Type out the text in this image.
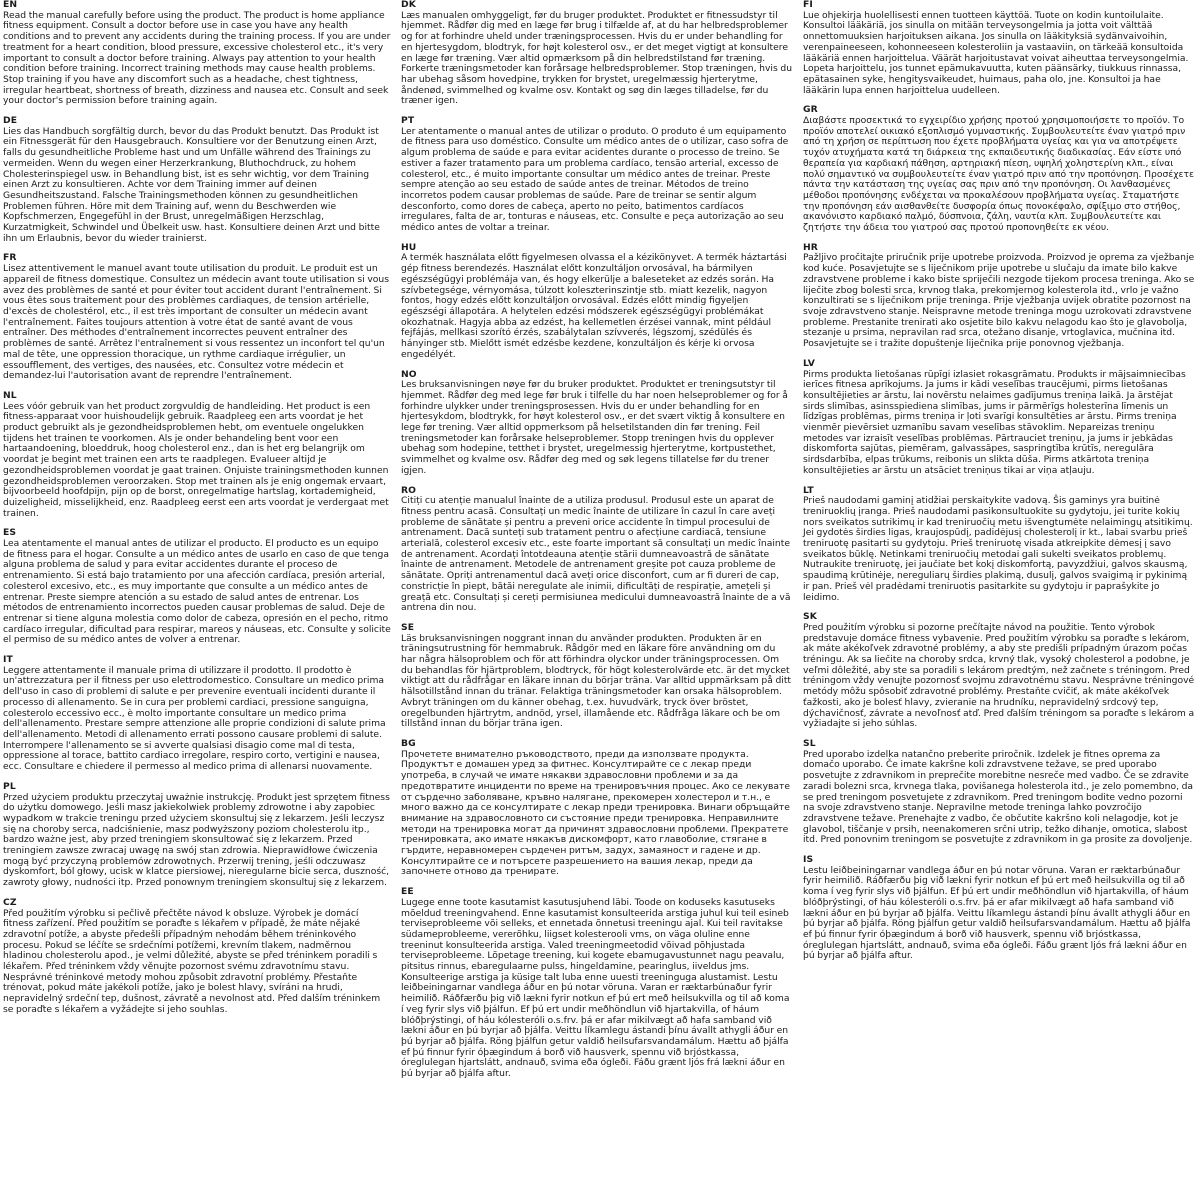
EN

Read the manual carefully before using the product. The product is home appliance fitness equipment. Consult a doctor before use in case you have any health conditions and to prevent any accidents during the training process. If you are under treatment for a heart condition, blood pressure, excessive cholesterol etc., it's very important to consult a doctor before training. Always pay attention to your health condition before training. Incorrect training methods may cause health problems. Stop training if you have any discomfort such as a headache, chest tightness, irregular heartbeat, shortness of breath, dizziness and nausea etc. Consult and seek your doctor's permission before training again.

DE

Lies das Handbuch sorgfältig durch, bevor du das Produkt benutzt. Das Produkt ist ein Fitnessgerät für den Hausgebrauch. Konsultiere vor der Benutzung einen Arzt, falls du gesundheitliche Probleme hast und um Unfälle während des Trainings zu vermeiden. Wenn du wegen einer Herzerkrankung, Bluthochdruck, zu hohem Cholesterinspiegel usw. in Behandlung bist, ist es sehr wichtig, vor dem Training einen Arzt zu konsultieren. Achte vor dem Training immer auf deinen Gesundheitszustand. Falsche Trainingsmethoden können zu gesundheitlichen Problemen führen. Höre mit dem Training auf, wenn du Beschwerden wie Kopfschmerzen, Engegefühl in der Brust, unregelmäßigen Herzschlag, Kurzatmigkeit, Schwindel und Übelkeit usw. hast. Konsultiere deinen Arzt und bitte ihn um Erlaubnis, bevor du wieder trainierst.

FR

Lisez attentivement le manuel avant toute utilisation du produit. Le produit est un appareil de fitness domestique. Consultez un médecin avant toute utilisation si vous avez des problèmes de santé et pour éviter tout accident durant l'entraînement. Si vous êtes sous traitement pour des problèmes cardiaques, de tension artérielle, d'excès de cholestérol, etc., il est très important de consulter un médecin avant l'entraînement. Faites toujours attention à votre état de santé avant de vous entraîner. Des méthodes d'entraînement incorrectes peuvent entraîner des problèmes de santé. Arrêtez l'entraînement si vous ressentez un inconfort tel qu'un mal de tête, une oppression thoracique, un rythme cardiaque irrégulier, un essoufflement, des vertiges, des nausées, etc. Consultez votre médecin et demandez-lui l'autorisation avant de reprendre l'entraînement.

NL

Lees vóór gebruik van het product zorgvuldig de handleiding. Het product is een fitness-apparaat voor huishoudelijk gebruik. Raadpleeg een arts voordat je het product gebruikt als je gezondheidsproblemen hebt, om eventuele ongelukken tijdens het trainen te voorkomen. Als je onder behandeling bent voor een hartaandoening, bloeddruk, hoog cholesterol enz., dan is het erg belangrijk om voordat je begint met trainen een arts te raadplegen. Evalueer altijd je gezondheidsproblemen voordat je gaat trainen. Onjuiste trainingsmethoden kunnen gezondheidsproblemen veroorzaken. Stop met trainen als je enig ongemak ervaart, bijvoorbeeld hoofdpijn, pijn op de borst, onregelmatige hartslag, kortademigheid, duizeligheid, misselijkheid, enz. Raadpleeg eerst een arts voordat je verdergaat met trainen.

ES

Lea atentamente el manual antes de utilizar el producto. El producto es un equipo de fitness para el hogar. Consulte a un médico antes de usarlo en caso de que tenga alguna problema de salud y para evitar accidentes durante el proceso de entrenamiento. Si está bajo tratamiento por una afección cardíaca, presión arterial, colesterol excesivo, etc., es muy importante que consulte a un médico antes de entrenar. Preste siempre atención a su estado de salud antes de entrenar. Los métodos de entrenamiento incorrectos pueden causar problemas de salud. Deje de entrenar si tiene alguna molestia como dolor de cabeza, opresión en el pecho, ritmo cardíaco irregular, dificultad para respirar, mareos y náuseas, etc. Consulte y solicite el permiso de su médico antes de volver a entrenar.

IT

Leggere attentamente il manuale prima di utilizzare il prodotto. Il prodotto è un'attrezzatura per il fitness per uso elettrodomestico. Consultare un medico prima dell'uso in caso di problemi di salute e per prevenire eventuali incidenti durante il processo di allenamento. Se in cura per problemi cardiaci, pressione sanguigna, colesterolo eccessivo ecc., è molto importante consultare un medico prima dell'allenamento. Prestare sempre attenzione alle proprie condizioni di salute prima dell'allenamento. Metodi di allenamento errati possono causare problemi di salute. Interrompere l'allenamento se si avverte qualsiasi disagio come mal di testa, oppressione al torace, battito cardiaco irregolare, respiro corto, vertigini e nausea, ecc. Consultare e chiedere il permesso al medico prima di allenarsi nuovamente.

PL

Przed użyciem produktu przeczytaj uważnie instrukcję. Produkt jest sprzętem fitness do użytku domowego. Jeśli masz jakiekolwiek problemy zdrowotne i aby zapobiec wypadkom w trakcie treningu przed użyciem skonsultuj się z lekarzem. Jeśli leczysz się na choroby serca, nadciśnienie, masz podwyższony poziom cholesterolu itp., bardzo ważne jest, aby przed treningiem skonsultować się z lekarzem. Przed treningiem zawsze zwracaj uwagę na swój stan zdrowia. Nieprawidłowe ćwiczenia mogą być przyczyną problemów zdrowotnych. Przerwij trening, jeśli odczuwasz dyskomfort, ból głowy, ucisk w klatce piersiowej, nieregularne bicie serca, duszność, zawroty głowy, nudności itp. Przed ponownym treningiem skonsultuj się z lekarzem.

CZ

Před použitím výrobku si pečlivě přečtěte návod k obsluze. Výrobek je domácí fitness zařízení. Před použitím se poraďte s lékařem v případě, že máte nějaké zdravotní potíže, a abyste předešli případným nehodám během tréninkového procesu. Pokud se léčíte se srdečními potížemi, krevním tlakem, nadměrnou hladinou cholesterolu apod., je velmi důležité, abyste se před tréninkem poradili s lékařem. Před tréninkem vždy věnujte pozornost svému zdravotnímu stavu. Nesprávné tréninkové metody mohou způsobit zdravotní problémy. Přestaňte trénovat, pokud máte jakékoli potíže, jako je bolest hlavy, svíráni na hrudi, nepravidelný srdeční tep, dušnost, závratě a nevolnost atd. Před dalším tréninkem se poraďte s lékařem a vyžádejte si jeho souhlas.

DK

Læs manualen omhyggeligt, før du bruger produktet. Produktet er fitnessudstyr til hjemmet. Rådfør dig med en læge før brug i tilfælde af, at du har helbredsproblemer og for at forhindre uheld under træningsprocessen. Hvis du er under behandling for en hjertesygdom, blodtryk, for højt kolesterol osv., er det meget vigtigt at konsultere en læge før træning. Vær altid opmærksom på din helbredstilstand før træning. Forkerte træningsmetoder kan forårsage helbredsproblemer. Stop træningen, hvis du har ubehag såsom hovedpine, trykken for brystet, uregelmæssig hjerterytme, åndenød, svimmelhed og kvalme osv. Kontakt og søg din læges tilladelse, før du træner igen.

PT

Ler atentamente o manual antes de utilizar o produto. O produto é um equipamento de fitness para uso doméstico. Consulte um médico antes de o utilizar, caso sofra de algum problema de saúde e para evitar acidentes durante o processo de treino. Se estiver a fazer tratamento para um problema cardíaco, tensão arterial, excesso de colesterol, etc., é muito importante consultar um médico antes de treinar. Preste sempre atenção ao seu estado de saúde antes de treinar. Métodos de treino incorretos podem causar problemas de saúde. Pare de treinar se sentir algum desconforto, como dores de cabeça, aperto no peito, batimentos cardíacos irregulares, falta de ar, tonturas e náuseas, etc. Consulte e peça autorização ao seu médico antes de voltar a treinar.

HU

A termék használata előtt figyelmesen olvassa el a kézikönyvet. A termék háztartási gép fitness berendezés. Használat előtt konzultáljon orvosával, ha bármilyen egészségügyi problémája van, és hogy elkerülje a baleseteket az edzés során. Ha szívbetegsége, vérnyomása, túlzott koleszterinszintje stb. miatt kezelik, nagyon fontos, hogy edzés előtt konzultáljon orvosával. Edzés előtt mindig figyeljen egészségi állapotára. A helytelen edzési módszerek egészségügyi problémákat okozhatnak. Hagyja abba az edzést, ha kellemetlen érzései vannak, mint például fejfájás, mellkasi szorító érzés, szabálytalan szívverés, légszomj, szédülés és hányinger stb. Mielőtt ismét edzésbe kezdene, konzultáljon és kérje ki orvosa engedélyét.

NO

Les bruksanvisningen nøye før du bruker produktet. Produktet er treningsutstyr til hjemmet. Rådfør deg med lege før bruk i tilfelle du har noen helseproblemer og for å forhindre ulykker under treningsprosessen. Hvis du er under behandling for en hjertesykdom, blodtrykk, for høyt kolesterol osv., er det svært viktig å konsultere en lege før trening. Vær alltid oppmerksom på helsetilstanden din før trening. Feil treningsmetoder kan forårsake helseproblemer. Stopp treningen hvis du opplever ubehag som hodepine, tetthet i brystet, uregelmessig hjerterytme, kortpustethet, svimmelhet og kvalme osv. Rådfør deg med og søk legens tillatelse før du trener igjen.

RO

Citiți cu atenție manualul înainte de a utiliza produsul. Produsul este un aparat de fitness pentru acasă. Consultați un medic înainte de utilizare în cazul în care aveți probleme de sănătate și pentru a preveni orice accidente în timpul procesului de antrenament. Dacă sunteți sub tratament pentru o afecțiune cardiacă, tensiune arterială, colesterol excesiv etc., este foarte important să consultați un medic înainte de antrenament. Acordați întotdeauna atenție stării dumneavoastră de sănătate înainte de antrenament. Metodele de antrenament greșite pot cauza probleme de sănătate. Opriți antrenamentul dacă aveți orice disconfort, cum ar fi dureri de cap, constricție în piept, bătăi neregulate ale inimii, dificultăți de respirație, amețeli și greață etc. Consultați și cereți permisiunea medicului dumneavoastră înainte de a vă antrena din nou.

SE

Läs bruksanvisningen noggrant innan du använder produkten. Produkten är en träningsutrustning för hemmabruk. Rådgör med en läkare före användning om du har några hälsoproblem och för att förhindra olyckor under träningsprocessen. Om du behandlas för hjärtproblem, blodtryck, för högt kolesterolvärde etc. är det mycket viktigt att du rådfrågar en läkare innan du börjar träna. Var alltid uppmärksam på ditt hälsotillstånd innan du tränar. Felaktiga träningsmetoder kan orsaka hälsoproblem. Avbryt träningen om du känner obehag, t.ex. huvudvärk, tryck över bröstet, oregelbunden hjärtrytm, andnöd, yrsel, illamående etc. Rådfråga läkare och be om tillstånd innan du börjar träna igen.

BG

Прочетете внимателно ръководството, преди да използвате продукта. Продуктът е домашен уред за фитнес. Консултирайте се с лекар преди употреба, в случай че имате някакви здравословни проблеми и за да предотвратите инциденти по време на тренировъчния процес. Ако се лекувате от сърдечно заболяване, кръвно налягане, прекомерен холестерол и т.н., е много важно да се консултирате с лекар преди тренировка. Винаги обръщайте внимание на здравословното си състояние преди тренировка. Неправилните методи на тренировка могат да причинят здравословни проблеми. Прекратете тренировката, ако имате някакъв дискомфорт, като главоболие, стягане в гърдите, неравномерен сърдечен ритъм, задух, замаяност и гадене и др. Консултирайте се и потърсете разрешението на вашия лекар, преди да започнете отново да тренирате.

EE

Lugege enne toote kasutamist kasutusjuhend läbi. Toode on koduseks kasutuseks mõeldud treeningvahend. Enne kasutamist konsulteerida arstiga juhul kui teil esineb terviseprobleeme või selleks, et ennetada õnnetusi treeningu ajal. Kui teil ravitakse südameprobleeme, vererõhku, liigset kolesterooli vms, on väga oluline enne treeninut konsulteerida arstiga. Valed treeningmeetodid võivad põhjustada terviseprobleeme. Lõpetage treening, kui kogete ebamugavustunnet nagu peavalu, pitsitus rinnus, ebaregulaarne pulss, hingeldamine, pearinglus, iiveldus jms. Konsulteerige arstiga ja küsige talt luba enne uuesti treeninguga alustamist. Lestu leiðbeiningarnar vandlega áður en þú notar vöruna. Varan er ræktarbúnaður fyrir heimilið. Ráðfærðu þig við lækni fyrir notkun ef þú ert með heilsukvilla og til að koma í veg fyrir slys við þjálfun. Ef þú ert undir meðhöndlun við hjartakvilla, of háum blóðþrýstingi, of háu kólesteróli o.s.frv. þá er afar mikilvægt að hafa samband við lækni áður en þú byrjar að þjálfa. Veittu líkamlegu ástandi þínu ávallt athygli áður en þú byrjar að þjálfa. Röng þjálfun getur valdið heilsufarsvandamálum. Hættu að þjálfa ef þú finnur fyrir óþægindum á borð við hausverk, spennu við brjóstkassa, óreglulegan hjartslátt, andnauð, svima eða ógleði. Fáðu grænt ljós frá lækni áður en þú byrjar að þjálfa aftur.

FI

Lue ohjekirja huolellisesti ennen tuotteen käyttöä. Tuote on kodin kuntoilulaite. Konsultoi lääkäriä, jos sinulla on mitään terveysongelmia ja jotta voit välttää onnettomuuksien harjoituksen aikana. Jos sinulla on lääkityksiä sydänvaivoihin, verenpaineeseen, kohonneeseen kolesteroliin ja vastaaviin, on tärkeää konsultoida lääkäriä ennen harjoittelua. Väärät harjoitustavat voivat aiheuttaa terveysongelmia. Lopeta harjoittelu, jos tunnet epämukavuutta, kuten päänsärky, tiukkuus rinnassa, epätasainen syke, hengitysvaikeudet, huimaus, paha olo, jne. Konsultoi ja hae lääkärin lupa ennen harjoittelua uudelleen.

GR

Διαβάστε προσεκτικά το εγχειρίδιο χρήσης προτού χρησιμοποιήσετε το προϊόν. Το προϊόν αποτελεί οικιακό εξοπλισμό γυμναστικής. Συμβουλευτείτε έναν γιατρό πριν από τη χρήση σε περίπτωση που έχετε προβλήματα υγείας και για να αποτρέψετε τυχόν ατυχήματα κατά τη διάρκεια της εκπαιδευτικής διαδικασίας. Εάν είστε υπό θεραπεία για καρδιακή πάθηση, αρτηριακή πίεση, υψηλή χοληστερίνη κλπ., είναι πολύ σημαντικό να συμβουλευτείτε έναν γιατρό πριν από την προπόνηση. Προσέχετε πάντα την κατάσταση της υγείας σας πριν από την προπόνηση. Οι λανθασμένες μέθοδοι προπόνησης ενδέχεται να προκαλέσουν προβλήματα υγείας. Σταματήστε την προπόνηση εάν αισθανθείτε δυσφορία όπως πονοκέφαλο, σφίξιμο στο στήθος, ακανόνιστο καρδιακό παλμό, δύσπνοια, ζάλη, ναυτία κλπ. Συμβουλευτείτε και ζητήστε την άδεια του γιατρού σας προτού προπονηθείτε εκ νέου.

HR

Pažljivo pročitajte priručnik prije upotrebe proizvoda. Proizvod je oprema za vježbanje kod kuće. Posavjetujte se s liječnikom prije upotrebe u slučaju da imate bilo kakve zdravstvene probleme i kako biste spriječili nezgode tijekom procesa treninga. Ako se liječite zbog bolesti srca, krvnog tlaka, prekomjernog kolesterola itd., vrlo je važno konzultirati se s liječnikom prije treninga. Prije vježbanja uvijek obratite pozornost na svoje zdravstveno stanje. Neispravne metode treninga mogu uzrokovati zdravstvene probleme. Prestanite trenirati ako osjetite bilo kakvu nelagodu kao što je glavobolja, stezanje u prsima, nepravilan rad srca, otežano disanje, vrtoglavica, mučnina itd. Posavjetujte se i tražite dopuštenje liječnika prije ponovnog vježbanja.

LV

Pirms produkta lietošanas rūpīgi izlasiet rokasgrāmatu. Produkts ir mājsaimniecības ierīces fitnesa aprīkojums. Ja jums ir kādi veselības traucējumi, pirms lietošanas konsultējieties ar ārstu, lai novērstu nelaimes gadījumus treniņa laikā. Ja ārstējat sirds slimības, asinsspiediena slimības, jums ir pārmērīgs holesterīna līmenis un līdzīgas problēmas, pirms treniņa ir ļoti svarīgi konsultēties ar ārstu. Pirms treniņa vienmēr pievērsiet uzmanību savam veselības stāvoklim. Nepareizas treniņu metodes var izraisīt veselības problēmas. Pārtrauciet treniņu, ja jums ir jebkādas diskomforta sajūtas, piemēram, galvassāpes, saspringtība krūtīs, neregulāra sirdsdarbība, elpas trūkums, reibonis un slikta dūša. Pirms atkārtota treniņa konsultējieties ar ārstu un atsāciet treniņus tikai ar viņa atļauju.

LT

Prieš naudodami gaminį atidžiai perskaitykite vadovą. Šis gaminys yra buitinė treniruoklių įranga. Prieš naudodami pasikonsultuokite su gydytoju, jei turite kokių nors sveikatos sutrikimų ir kad treniruočių metu išvengtumėte nelaimingų atsitikimų. Jei gydotės širdies ligas, kraujospūdį, padidėjusį cholesterolį ir kt., labai svarbu prieš treniruotę pasitarti su gydytoju. Prieš treniruotę visada atkreipkite dėmesį į savo sveikatos būklę. Netinkami treniruočių metodai gali sukelti sveikatos problemų. Nutraukite treniruotę, jei jaučiate bet kokį diskomfortą, pavyzdžiui, galvos skausmą, spaudimą krūtinėje, nereguliarų širdies plakimą, dusulį, galvos svaigimą ir pykinimą ir pan. Prieš vėl pradėdami treniruotis pasitarkite su gydytoju ir paprašykite jo leidimo.

SK

Pred použitím výrobku si pozorne prečítajte návod na použitie. Tento výrobok predstavuje domáce fitness vybavenie. Pred použitím výrobku sa poraďte s lekárom, ak máte akékoľvek zdravotné problémy, a aby ste predišli prípadným úrazom počas tréningu. Ak sa liečite na choroby srdca, krvný tlak, vysoký cholesterol a podobne, je veľmi dôležité, aby ste sa poradili s lekárom predtým, než začnete s tréningom. Pred tréningom vždy venujte pozornosť svojmu zdravotnému stavu. Nesprávne tréningové metódy môžu spôsobiť zdravotné problémy. Prestaňte cvičiť, ak máte akékoľvek ťažkosti, ako je bolesť hlavy, zvieranie na hrudníku, nepravidelný srdcový tep, dýchavičnosť, závrate a nevoľnosť atď. Pred ďalším tréningom sa poraďte s lekárom a vyžiadajte si jeho súhlas.

SL

Pred uporabo izdelka natančno preberite priročnik. Izdelek je fitnes oprema za domačo uporabo. Če imate kakršne koli zdravstvene težave, se pred uporabo posvetujte z zdravnikom in preprečite morebitne nesreče med vadbo. Če se zdravite zaradi bolezni srca, krvnega tlaka, povišanega holesterola itd., je zelo pomembno, da se pred treningom posvetujete z zdravnikom. Pred treningom bodite vedno pozorni na svoje zdravstveno stanje. Nepravilne metode treninga lahko povzročijo zdravstvene težave. Prenehajte z vadbo, če občutite kakršno koli nelagodje, kot je glavobol, tiščanje v prsih, neenakomeren srčni utrip, težko dihanje, omotica, slabost itd. Pred ponovnim treningom se posvetujte z zdravnikom in ga prosite za dovoljenje.

IS

Lestu leiðbeiningarnar vandlega áður en þú notar vöruna. Varan er ræktarbúnaður fyrir heimilið. Ráðfærðu þig við lækni fyrir notkun ef þú ert með heilsukvilla og til að koma í veg fyrir slys við þjálfun. Ef þú ert undir meðhöndlun við hjartakvilla, of háum blóðþrýstingi, of háu kólesteróli o.s.frv. þá er afar mikilvægt að hafa samband við lækni áður en þú byrjar að þjálfa. Veittu líkamlegu ástandi þínu ávallt athygli áður en þú byrjar að þjálfa. Röng þjálfun getur valdið heilsufarsvandamálum. Hættu að þjálfa ef þú finnur fyrir óþægindum á borð við hausverk, spennu við brjóstkassa, óreglulegan hjartslátt, andnauð, svima eða ógleði. Fáðu grænt ljós frá lækni áður en þú byrjar að þjálfa aftur.
